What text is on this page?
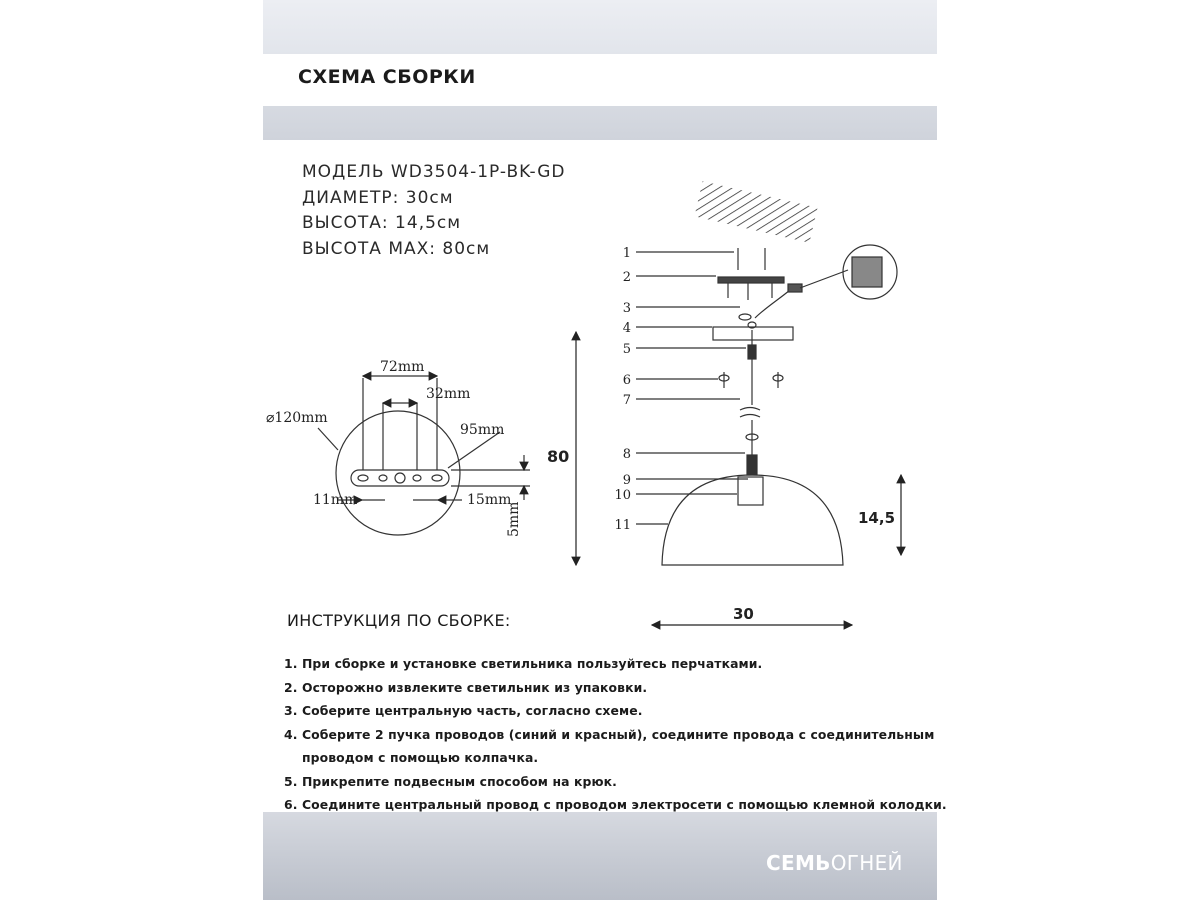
СХЕМА СБОРКИ
МОДЕЛЬ WD3504-1P-BK-GD
ДИАМЕТР: 30см
ВЫСОТА: 14,5см
ВЫСОТА MAX: 80см
⌀120mm
72mm
32mm
95mm
11mm	15mm
5mm
80
1
2
3
4
5
6
7
8
9
10
11	14,5
30
ИНСТРУКЦИЯ ПО СБОРКЕ:
1. При сборке и установке светильника пользуйтесь перчатками.
2. Осторожно извлеките светильник из упаковки.
3. Соберите центральную часть, согласно схеме.
4. Соберите 2 пучка проводов (синий и красный), соедините провода с соединительным
проводом с помощью колпачка.
5. Прикрепите подвесным способом на крюк.
6. Соедините центральный провод с проводом электросети с помощью клемной колодки.
СЕМЬОГНЕЙ
